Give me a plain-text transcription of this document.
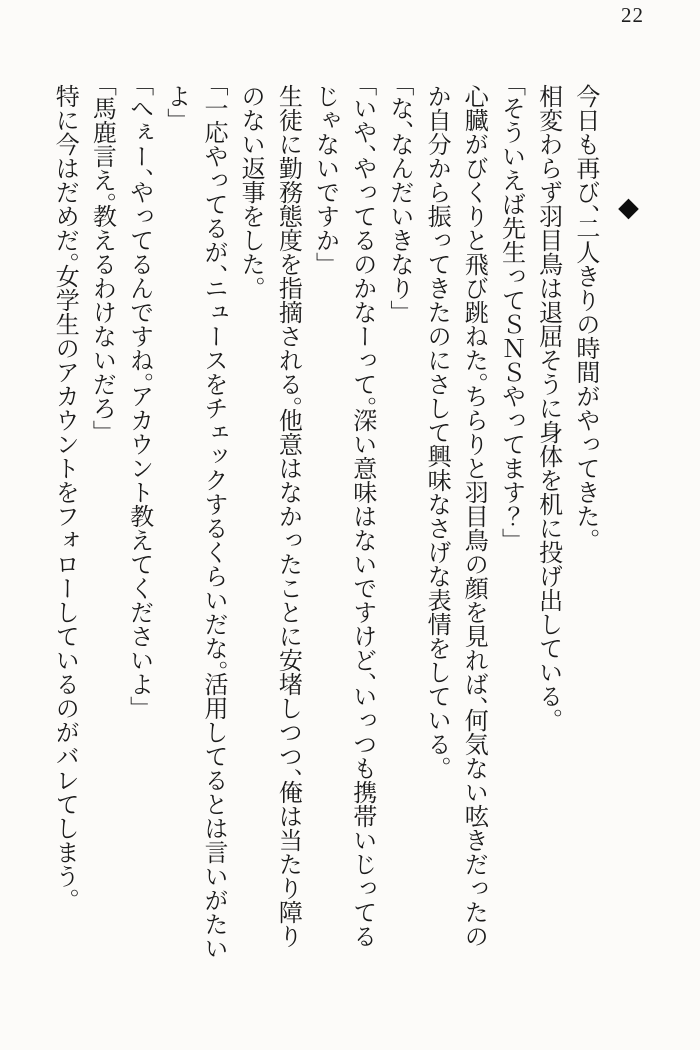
22

◆

今日も再び、二人きりの時間がやってきた。

相変わらず羽目鳥は退屈そうに身体を机に投げ出している。

「そういえば先生ってＳＮＳやってます？」

心臓がびくりと飛び跳ねた。ちらりと羽目鳥の顔を見れば、何気ない呟きだったのか自分から振ってきたのにさして興味なさげな表情をしている。

「な、なんだいきなり」

「いや、やってるのかなーって。深い意味はないですけど、いっつも携帯いじってるじゃないですか」

生徒に勤務態度を指摘される。他意はなかったことに安堵しつつ、俺は当たり障りのない返事をした。

「一応やってるが、ニュースをチェックするくらいだな。活用してるとは言いがたいよ」

「へぇー、やってるんですね。アカウント教えてくださいよ」

「馬鹿言え。教えるわけないだろ」

特に今はだめだ。女学生のアカウントをフォローしているのがバレてしまう。
